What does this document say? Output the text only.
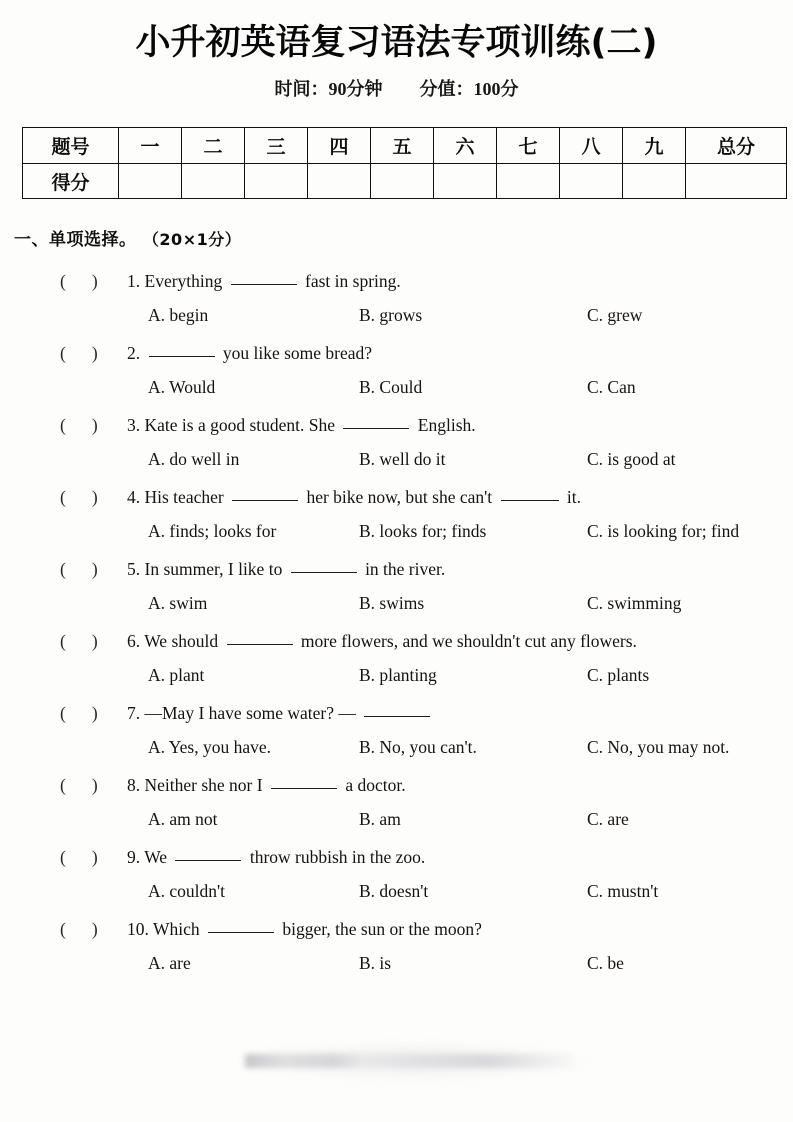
小升初英语复习语法专项训练(二)
时间：90分钟 分值：100分
题号	一	二	三	四	五	六	七	八	九	总分
得分										
一、单项选择。 （20×1分）
( ) 1. Everything	fast in spring.
A. begin	B. grows	C. grew
( ) 2.	you like some bread?
A. Would	B. Could	C. Can
( ) 3. Kate is a good student. She	English.
A. do well in	B. well do it	C. is good at
( ) 4. His teacher	her bike now, but she can't	it.
A. finds; looks for	B. looks for; finds	C. is looking for; find
( ) 5. In summer, I like to	in the river.
A. swim	B. swims	C. swimming
( ) 6. We should	more flowers, and we shouldn't cut any flowers.
A. plant	B. planting	C. plants
( ) 7. —May I have some water? —
A. Yes, you have.	B. No, you can't.	C. No, you may not.
( ) 8. Neither she nor I	a doctor.
A. am not	B. am	C. are
( ) 9. We	throw rubbish in the zoo.
A. couldn't	B. doesn't	C. mustn't
( ) 10. Which	bigger, the sun or the moon?
A. are	B. is	C. be
